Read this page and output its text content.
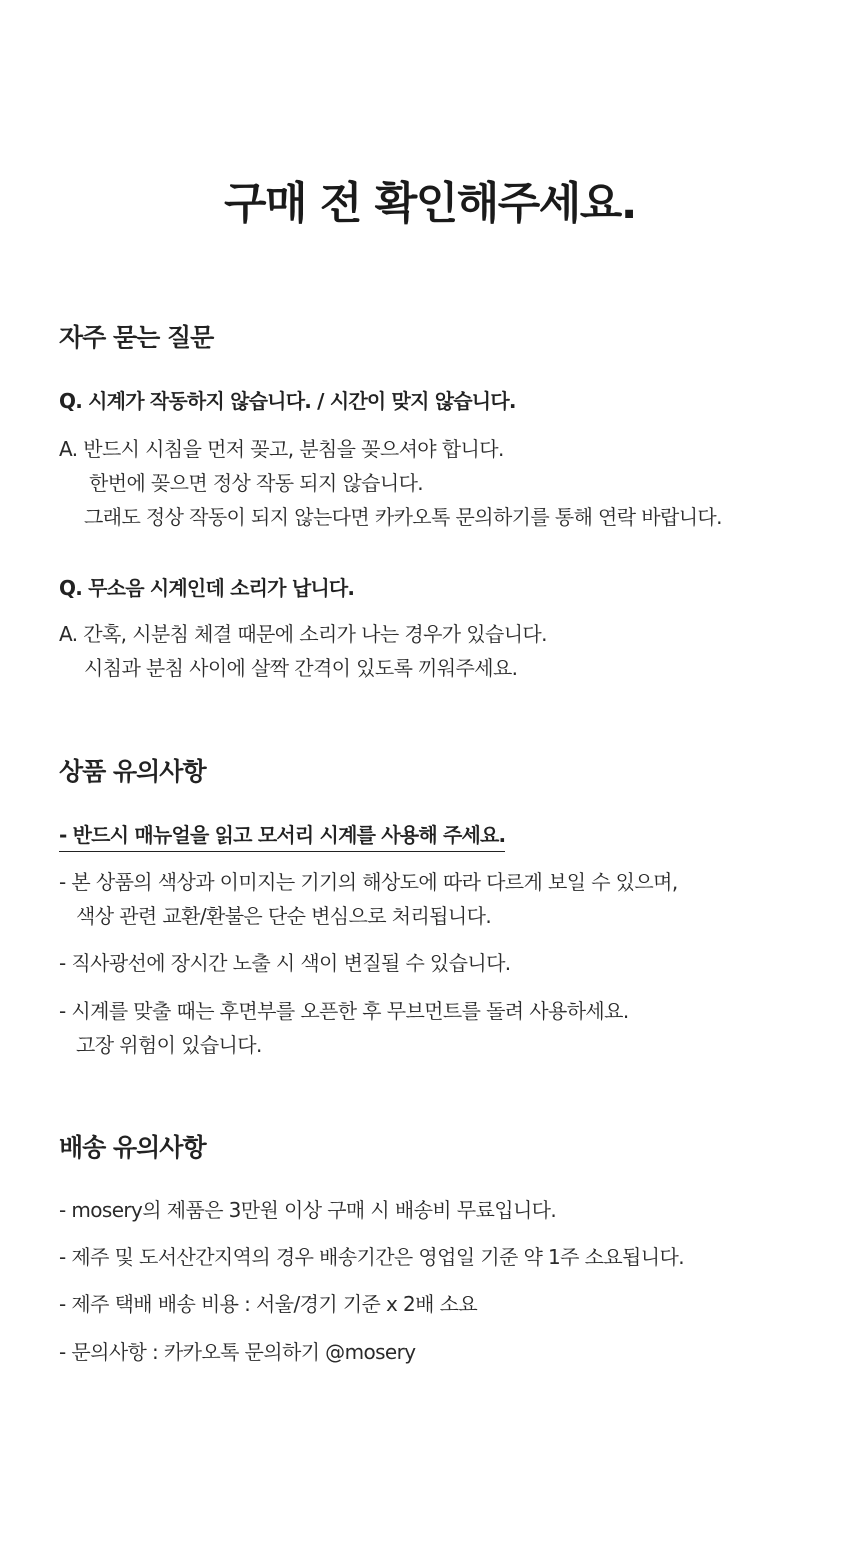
구매 전 확인해주세요.
자주 묻는 질문

Q. 시계가 작동하지 않습니다. / 시간이 맞지 않습니다.

A. 반드시 시침을 먼저 꽂고, 분침을 꽂으셔야 합니다.

한번에 꽂으면 정상 작동 되지 않습니다.

그래도 정상 작동이 되지 않는다면 카카오톡 문의하기를 통해 연락 바랍니다.

Q. 무소음 시계인데 소리가 납니다.

A. 간혹, 시분침 체결 때문에 소리가 나는 경우가 있습니다.

시침과 분침 사이에 살짝 간격이 있도록 끼워주세요.

상품 유의사항

- 반드시 매뉴얼을 읽고 모서리 시계를 사용해 주세요.

- 본 상품의 색상과 이미지는 기기의 해상도에 따라 다르게 보일 수 있으며,

색상 관련 교환/환불은 단순 변심으로 처리됩니다.

- 직사광선에 장시간 노출 시 색이 변질될 수 있습니다.

- 시계를 맞출 때는 후면부를 오픈한 후 무브먼트를 돌려 사용하세요.

고장 위험이 있습니다.

배송 유의사항

- mosery의 제품은 3만원 이상 구매 시 배송비 무료입니다.

- 제주 및 도서산간지역의 경우 배송기간은 영업일 기준 약 1주 소요됩니다.

- 제주 택배 배송 비용 : 서울/경기 기준 x 2배 소요

- 문의사항 : 카카오톡 문의하기 @mosery
